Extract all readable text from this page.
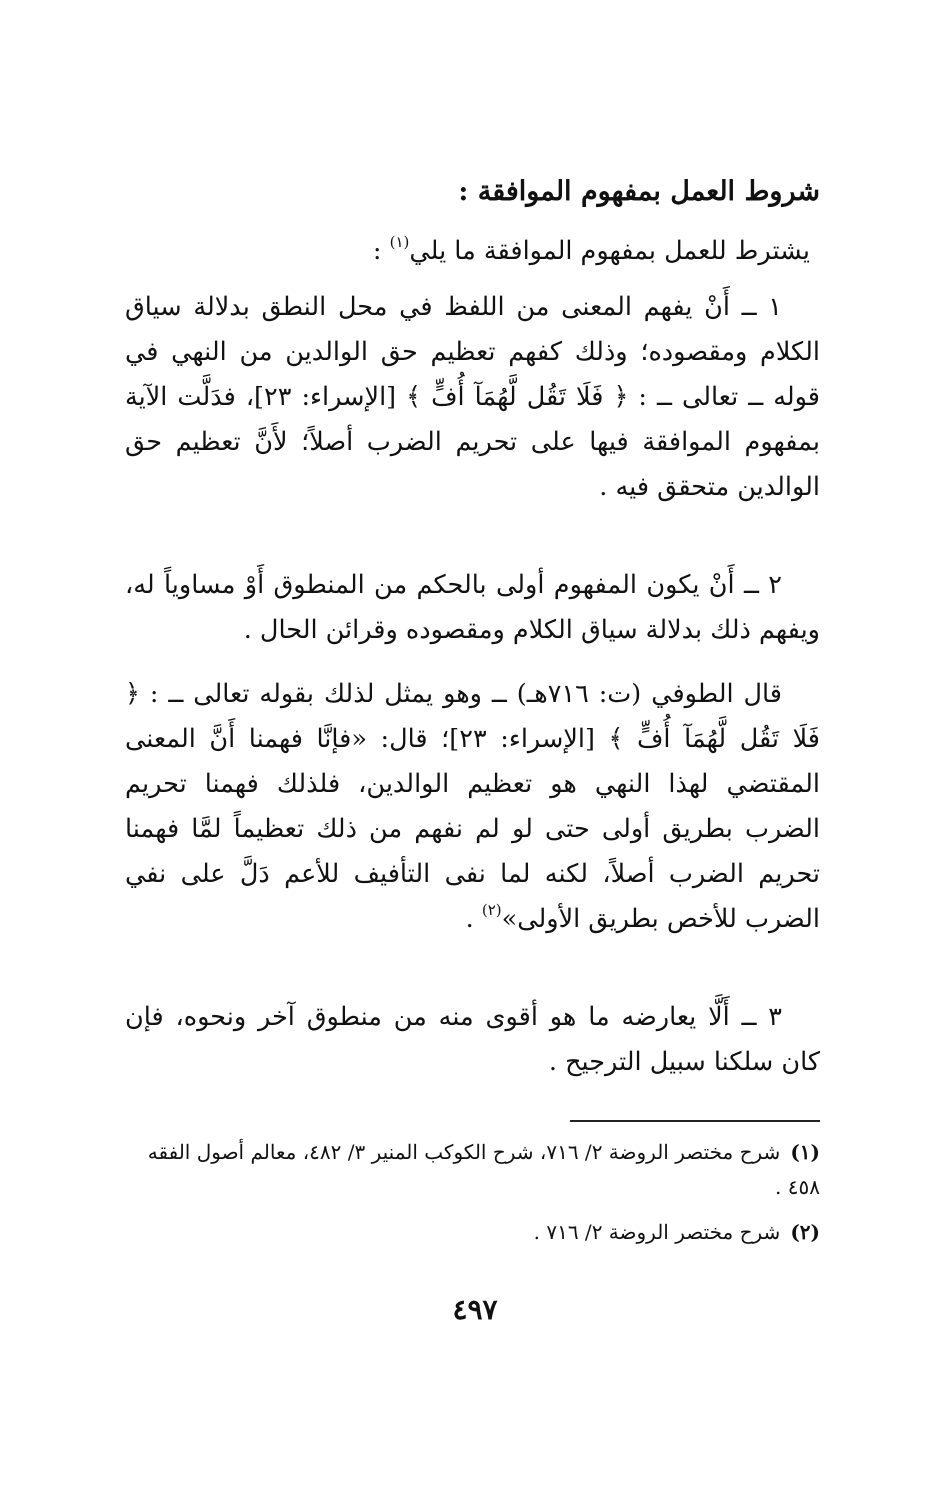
شروط العمل بمفهوم الموافقة :

يشترط للعمل بمفهوم الموافقة ما يلي$^{(١)}$ :

١ ــ أَنْ يفهم المعنى من اللفظ في محل النطق بدلالة سياق الكلام ومقصوده؛ وذلك كفهم تعظيم حق الوالدين من النهي في قوله ــ تعالى ــ : ﴿ فَلَا تَقُل لَّهُمَآ أُفٍّ ﴾ [الإسراء: ٢٣]، فدَلَّت الآية بمفهوم الموافقة فيها على تحريم الضرب أصلاً؛ لأَنَّ تعظيم حق الوالدين متحقق فيه .

٢ ــ أَنْ يكون المفهوم أولى بالحكم من المنطوق أَوْ مساوياً له، ويفهم ذلك بدلالة سياق الكلام ومقصوده وقرائن الحال .

قال الطوفي (ت: ٧١٦هـ) ــ وهو يمثل لذلك بقوله تعالى ــ : ﴿ فَلَا تَقُل لَّهُمَآ أُفٍّ ﴾ [الإسراء: ٢٣]؛ قال: «فإنَّا فهمنا أَنَّ المعنى المقتضي لهذا النهي هو تعظيم الوالدين، فلذلك فهمنا تحريم الضرب بطريق أولى حتى لو لم نفهم من ذلك تعظيماً لمَّا فهمنا تحريم الضرب أصلاً، لكنه لما نفى التأفيف للأعم دَلَّ على نفي الضرب للأخص بطريق الأولى»$^{(٢)}$ .

٣ ــ أَلَّا يعارضه ما هو أقوى منه من منطوق آخر ونحوه، فإن كان سلكنا سبيل الترجيح .

(١)شرح مختصر الروضة ٢/ ٧١٦، شرح الكوكب المنير ٣/ ٤٨٢، معالم أصول الفقه ٤٥٨ .

(٢)شرح مختصر الروضة ٢/ ٧١٦ .

٤٩٧
